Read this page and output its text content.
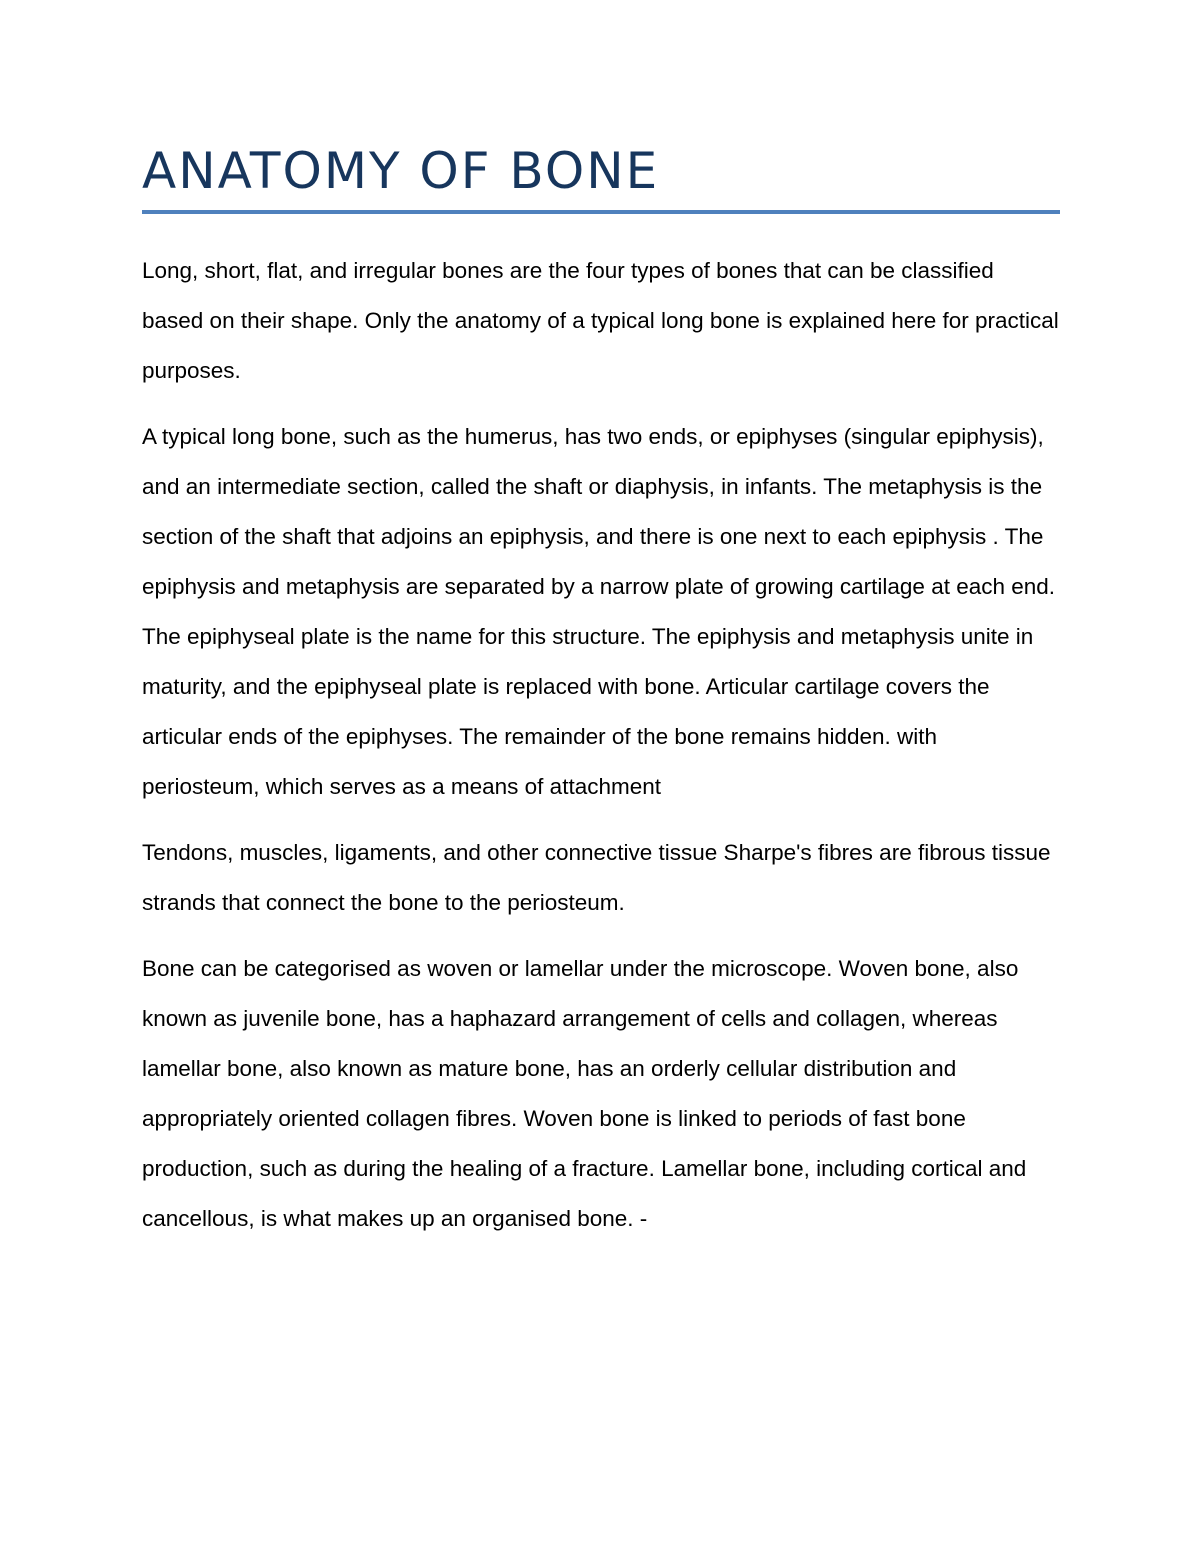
ANATOMY OF BONE

Long, short, flat, and irregular bones are the four types of bones that can be classified based on their shape. Only the anatomy of a typical long bone is explained here for practical purposes.

A typical long bone, such as the humerus, has two ends, or epiphyses (singular epiphysis), and an intermediate section, called the shaft or diaphysis, in infants. The metaphysis is the section of the shaft that adjoins an epiphysis, and there is one next to each epiphysis . The epiphysis and metaphysis are separated by a narrow plate of growing cartilage at each end. The epiphyseal plate is the name for this structure. The epiphysis and metaphysis unite in maturity, and the epiphyseal plate is replaced with bone. Articular cartilage covers the articular ends of the epiphyses. The remainder of the bone remains hidden. with periosteum, which serves as a means of attachment

Tendons, muscles, ligaments, and other connective tissue Sharpe's fibres are fibrous tissue strands that connect the bone to the periosteum.

Bone can be categorised as woven or lamellar under the microscope. Woven bone, also known as juvenile bone, has a haphazard arrangement of cells and collagen, whereas lamellar bone, also known as mature bone, has an orderly cellular distribution and appropriately oriented collagen fibres. Woven bone is linked to periods of fast bone production, such as during the healing of a fracture. Lamellar bone, including cortical and cancellous, is what makes up an organised bone. -
